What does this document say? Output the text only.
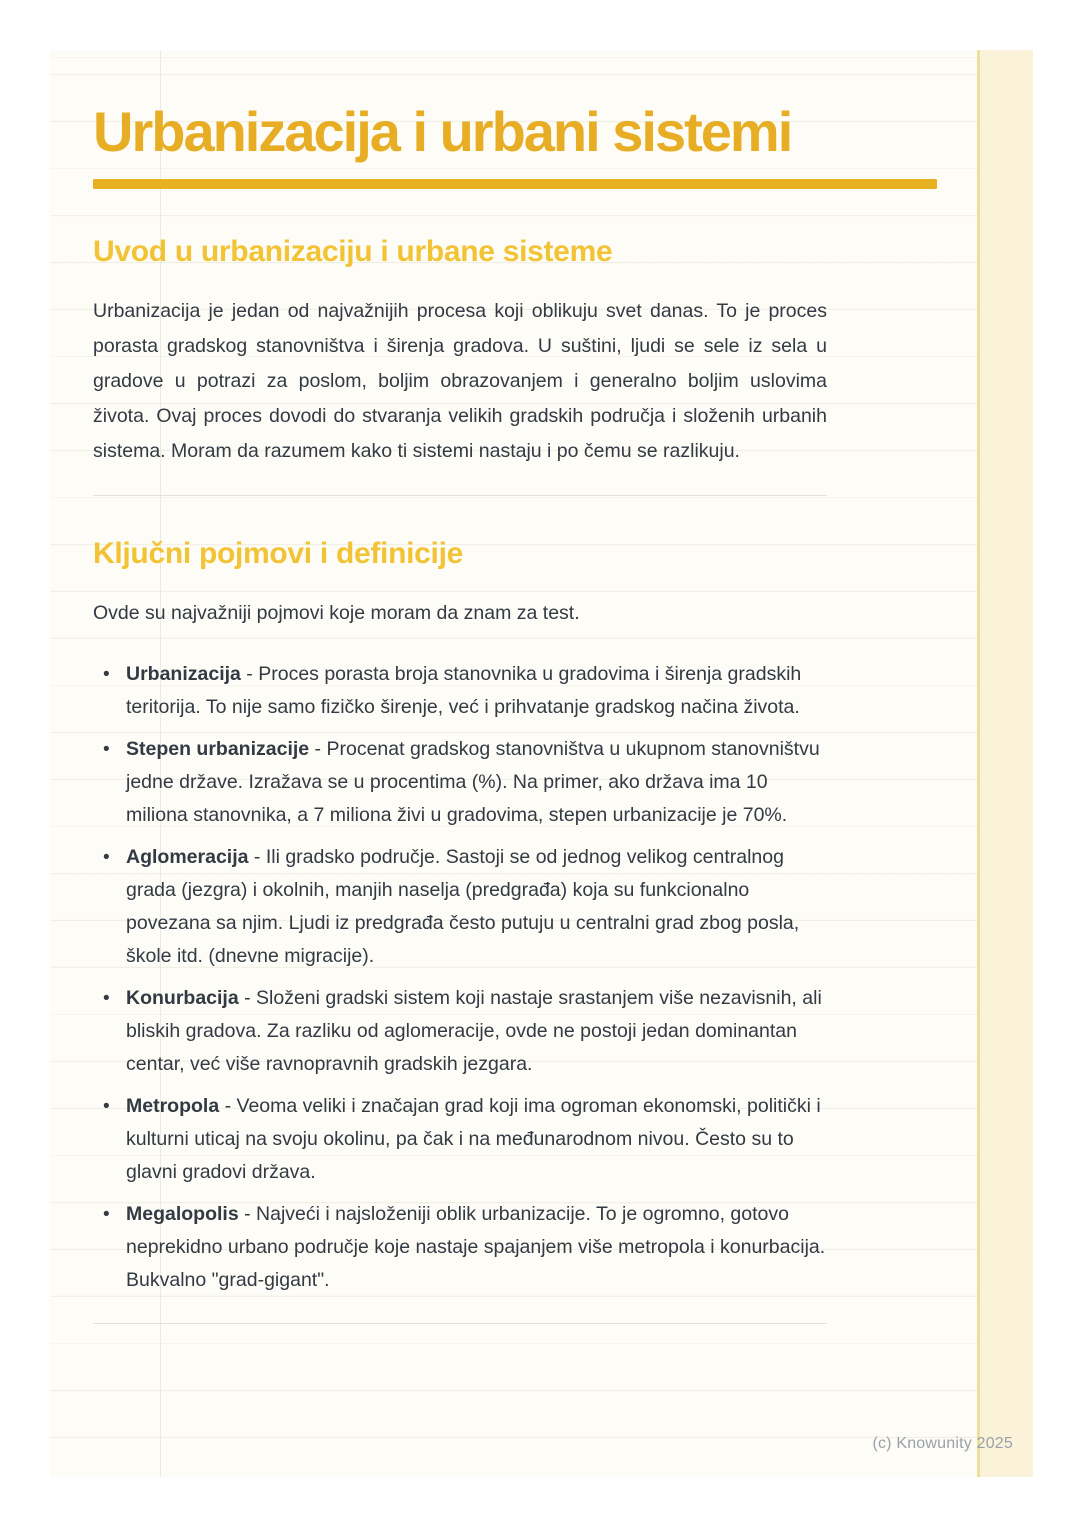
Urbanizacija i urbani sistemi
Uvod u urbanizaciju i urbane sisteme

Urbanizacija je jedan od najvažnijih procesa koji oblikuju svet danas. To je proces porasta gradskog stanovništva i širenja gradova. U suštini, ljudi se sele iz sela u gradove u potrazi za poslom, boljim obrazovanjem i generalno boljim uslovima života. Ovaj proces dovodi do stvaranja velikih gradskih područja i složenih urbanih sistema. Moram da razumem kako ti sistemi nastaju i po čemu se razlikuju.

Ključni pojmovi i definicije

Ovde su najvažniji pojmovi koje moram da znam za test.

• Urbanizacija - Proces porasta broja stanovnika u gradovima i širenja gradskih teritorija. To nije samo fizičko širenje, već i prihvatanje gradskog načina života.
• Stepen urbanizacije - Procenat gradskog stanovništva u ukupnom stanovništvu jedne države. Izražava se u procentima (%). Na primer, ako država ima 10 miliona stanovnika, a 7 miliona živi u gradovima, stepen urbanizacije je 70%.
• Aglomeracija - Ili gradsko područje. Sastoji se od jednog velikog centralnog grada (jezgra) i okolnih, manjih naselja (predgrađa) koja su funkcionalno povezana sa njim. Ljudi iz predgrađa često putuju u centralni grad zbog posla, škole itd. (dnevne migracije).
• Konurbacija - Složeni gradski sistem koji nastaje srastanjem više nezavisnih, ali bliskih gradova. Za razliku od aglomeracije, ovde ne postoji jedan dominantan centar, već više ravnopravnih gradskih jezgara.
• Metropola - Veoma veliki i značajan grad koji ima ogroman ekonomski, politički i kulturni uticaj na svoju okolinu, pa čak i na međunarodnom nivou. Često su to glavni gradovi država.
• Megalopolis - Najveći i najsloženiji oblik urbanizacije. To je ogromno, gotovo neprekidno urbano područje koje nastaje spajanjem više metropola i konurbacija. Bukvalno "grad-gigant".
(c) Knowunity 2025
